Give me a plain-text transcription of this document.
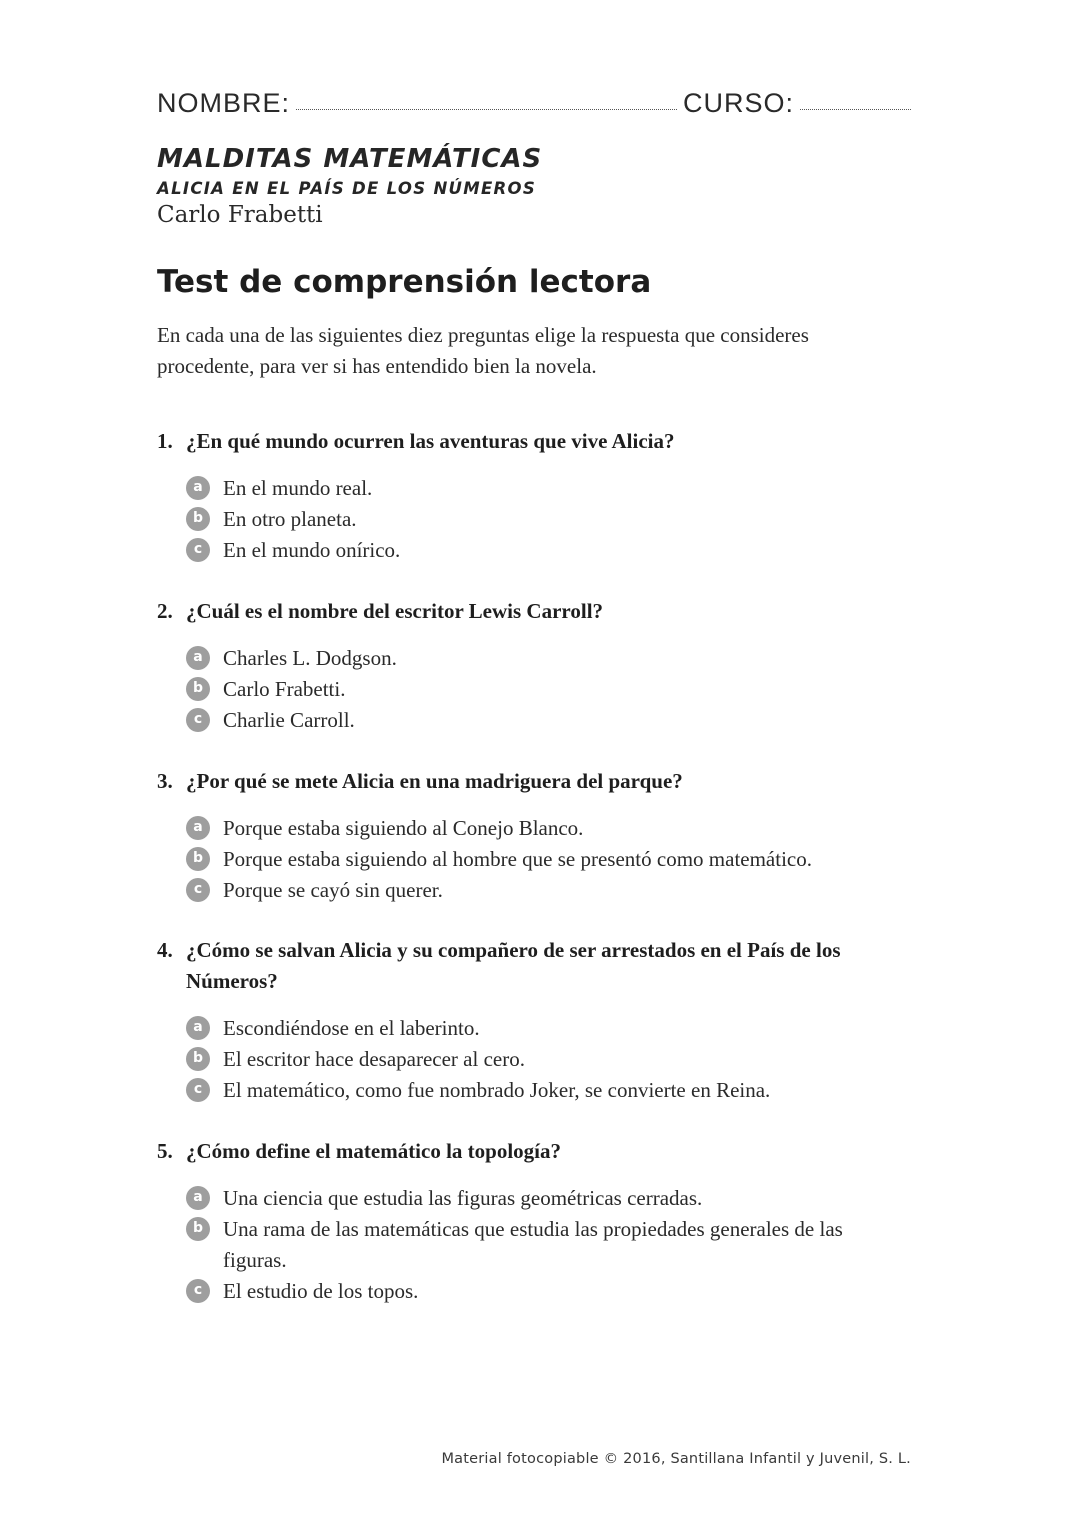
NOMBRE:	CURSO:
MALDITAS MATEMÁTICAS
ALICIA EN EL PAÍS DE LOS NÚMEROS
Carlo Frabetti
Test de comprensión lectora
En cada una de las siguientes diez preguntas elige la respuesta que consideres procedente, para ver si has entendido bien la novela.
1. ¿En qué mundo ocurren las aventuras que vive Alicia?
a En el mundo real.
b En otro planeta.
c En el mundo onírico.
2. ¿Cuál es el nombre del escritor Lewis Carroll?
a Charles L. Dodgson.
b Carlo Frabetti.
c Charlie Carroll.
3. ¿Por qué se mete Alicia en una madriguera del parque?
a Porque estaba siguiendo al Conejo Blanco.
b Porque estaba siguiendo al hombre que se presentó como matemático.
c Porque se cayó sin querer.
4. ¿Cómo se salvan Alicia y su compañero de ser arrestados en el País de los Números?
a Escondiéndose en el laberinto.
b El escritor hace desaparecer al cero.
c El matemático, como fue nombrado Joker, se convierte en Reina.
5. ¿Cómo define el matemático la topología?
a Una ciencia que estudia las figuras geométricas cerradas.
b Una rama de las matemáticas que estudia las propiedades generales de las figuras.
c El estudio de los topos.
Material fotocopiable © 2016, Santillana Infantil y Juvenil, S. L.
